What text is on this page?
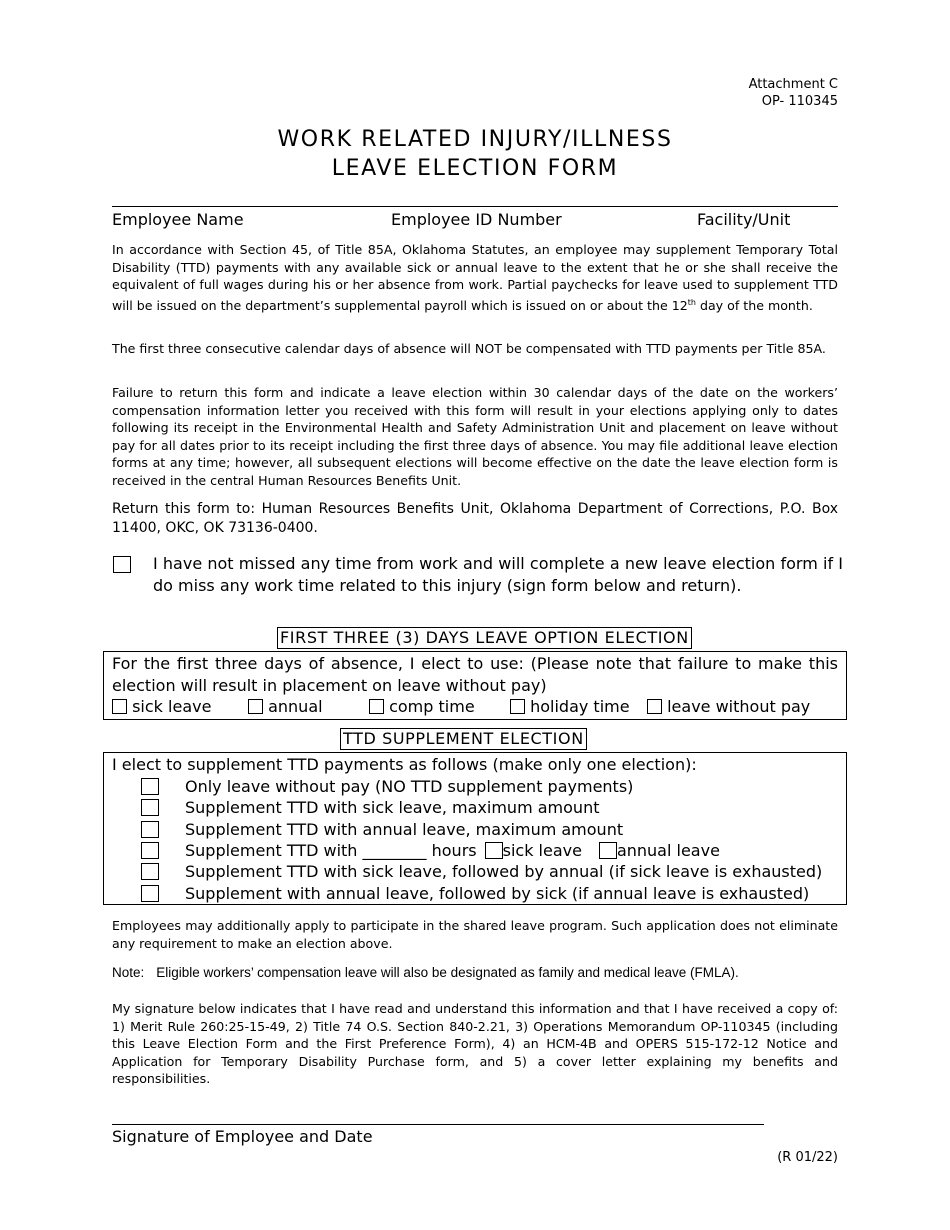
Attachment C
OP- 110345
WORK RELATED INJURY/ILLNESS
LEAVE ELECTION FORM
Employee Name	Employee ID Number	Facility/Unit
In accordance with Section 45, of Title 85A, Oklahoma Statutes, an employee may supplement Temporary Total Disability (TTD) payments with any available sick or annual leave to the extent that he or she shall receive the equivalent of full wages during his or her absence from work. Partial paychecks for leave used to supplement TTD will be issued on the department’s supplemental payroll which is issued on or about the 12th day of the month.
The first three consecutive calendar days of absence will NOT be compensated with TTD payments per Title 85A.
Failure to return this form and indicate a leave election within 30 calendar days of the date on the workers’ compensation information letter you received with this form will result in your elections applying only to dates following its receipt in the Environmental Health and Safety Administration Unit and placement on leave without pay for all dates prior to its receipt including the first three days of absence. You may file additional leave election forms at any time; however, all subsequent elections will become effective on the date the leave election form is received in the central Human Resources Benefits Unit.
Return this form to: Human Resources Benefits Unit, Oklahoma Department of Corrections, P.O. Box 11400, OKC, OK 73136-0400.
I have not missed any time from work and will complete a new leave election form if I do miss any work time related to this injury (sign form below and return).
FIRST THREE (3) DAYS LEAVE OPTION ELECTION
For the first three days of absence, I elect to use: (Please note that failure to make this election will result in placement on leave without pay)
sick leave	annual	comp time	holiday time leave without pay
TTD SUPPLEMENT ELECTION
I elect to supplement TTD payments as follows (make only one election):
Only leave without pay (NO TTD supplement payments)
Supplement TTD with sick leave, maximum amount
Supplement TTD with annual leave, maximum amount
Supplement TTD with ________ hours sick leave annual leave
Supplement TTD with sick leave, followed by annual (if sick leave is exhausted)
Supplement with annual leave, followed by sick (if annual leave is exhausted)
Employees may additionally apply to participate in the shared leave program. Such application does not eliminate any requirement to make an election above.
Note: Eligible workers’ compensation leave will also be designated as family and medical leave (FMLA).
My signature below indicates that I have read and understand this information and that I have received a copy of: 1) Merit Rule 260:25-15-49, 2) Title 74 O.S. Section 840-2.21, 3) Operations Memorandum OP-110345 (including this Leave Election Form and the First Preference Form), 4) an HCM-4B and OPERS 515-172-12 Notice and Application for Temporary Disability Purchase form, and 5) a cover letter explaining my benefits and responsibilities.
Signature of Employee and Date
(R 01/22)
